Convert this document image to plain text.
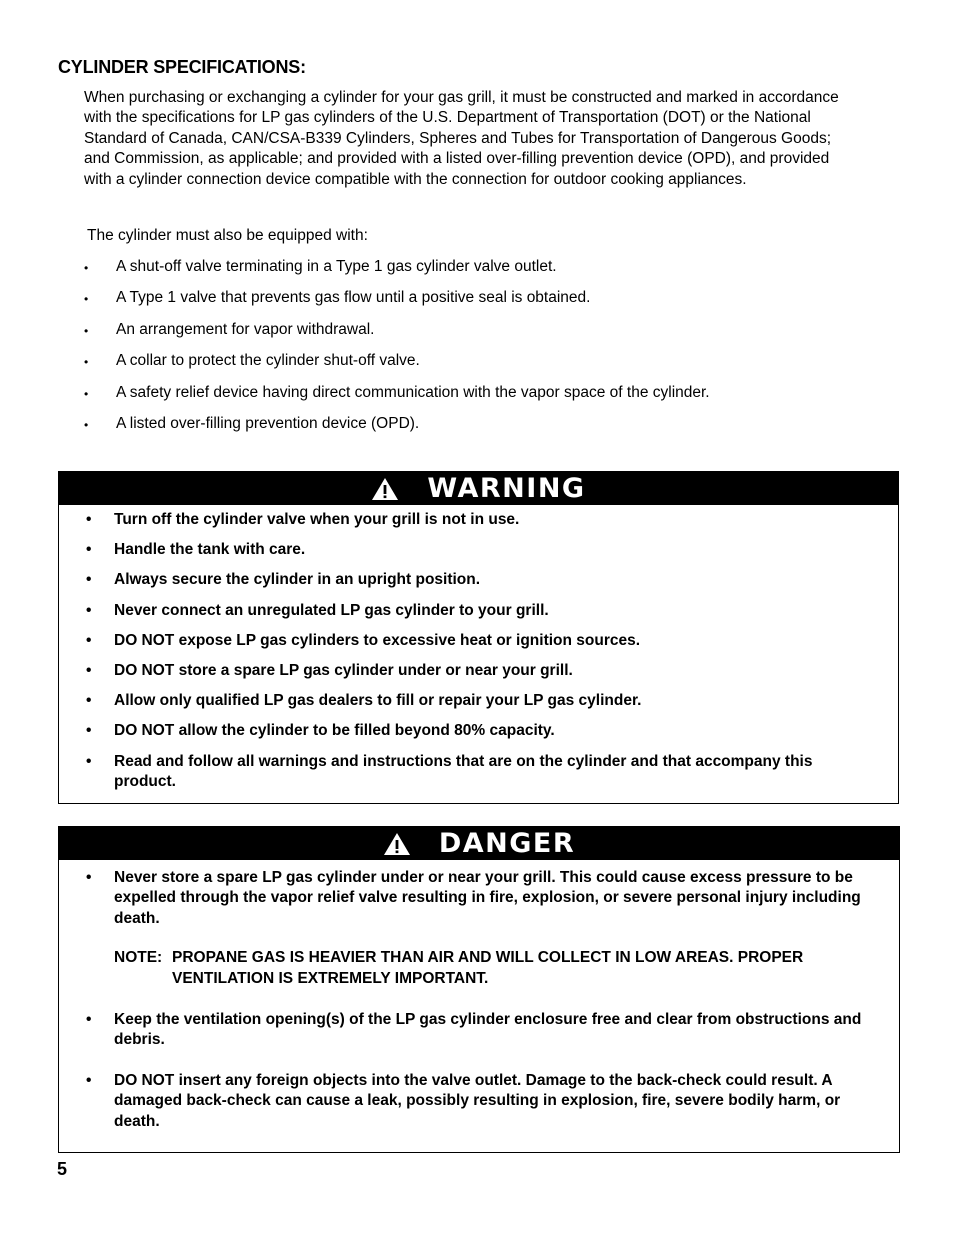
CYLINDER SPECIFICATIONS:

When purchasing or exchanging a cylinder for your gas grill, it must be constructed and marked in accordance with the specifications for LP gas cylinders of the U.S. Department of Transportation (DOT) or the National Standard of Canada, CAN/CSA-B339 Cylinders, Spheres and Tubes for Transportation of Dangerous Goods; and Commission, as applicable; and provided with a listed over-filling prevention device (OPD), and provided with a cylinder connection device compatible with the connection for outdoor cooking appliances.

The cylinder must also be equipped with:

• A shut-off valve terminating in a Type 1 gas cylinder valve outlet.
• A Type 1 valve that prevents gas flow until a positive seal is obtained.
• An arrangement for vapor withdrawal.
• A collar to protect the cylinder shut-off valve.
• A safety relief device having direct communication with the vapor space of the cylinder.
• A listed over-filling prevention device (OPD).
WARNING
• Turn off the cylinder valve when your grill is not in use.
• Handle the tank with care.
• Always secure the cylinder in an upright position.
• Never connect an unregulated LP gas cylinder to your grill.
• DO NOT expose LP gas cylinders to excessive heat or ignition sources.
• DO NOT store a spare LP gas cylinder under or near your grill.
• Allow only qualified LP gas dealers to fill or repair your LP gas cylinder.
• DO NOT allow the cylinder to be filled beyond 80% capacity.
• Read and follow all warnings and instructions that are on the cylinder and that accompany this product.
DANGER
• Never store a spare LP gas cylinder under or near your grill. This could cause excess pressure to be expelled through the vapor relief valve resulting in fire, explosion, or severe personal injury including death.
NOTE: PROPANE GAS IS HEAVIER THAN AIR AND WILL COLLECT IN LOW AREAS. PROPER VENTILATION IS EXTREMELY IMPORTANT.
• Keep the ventilation opening(s) of the LP gas cylinder enclosure free and clear from obstructions and debris.
• DO NOT insert any foreign objects into the valve outlet. Damage to the back-check could result. A damaged back-check can cause a leak, possibly resulting in explosion, fire, severe bodily harm, or death.
5
